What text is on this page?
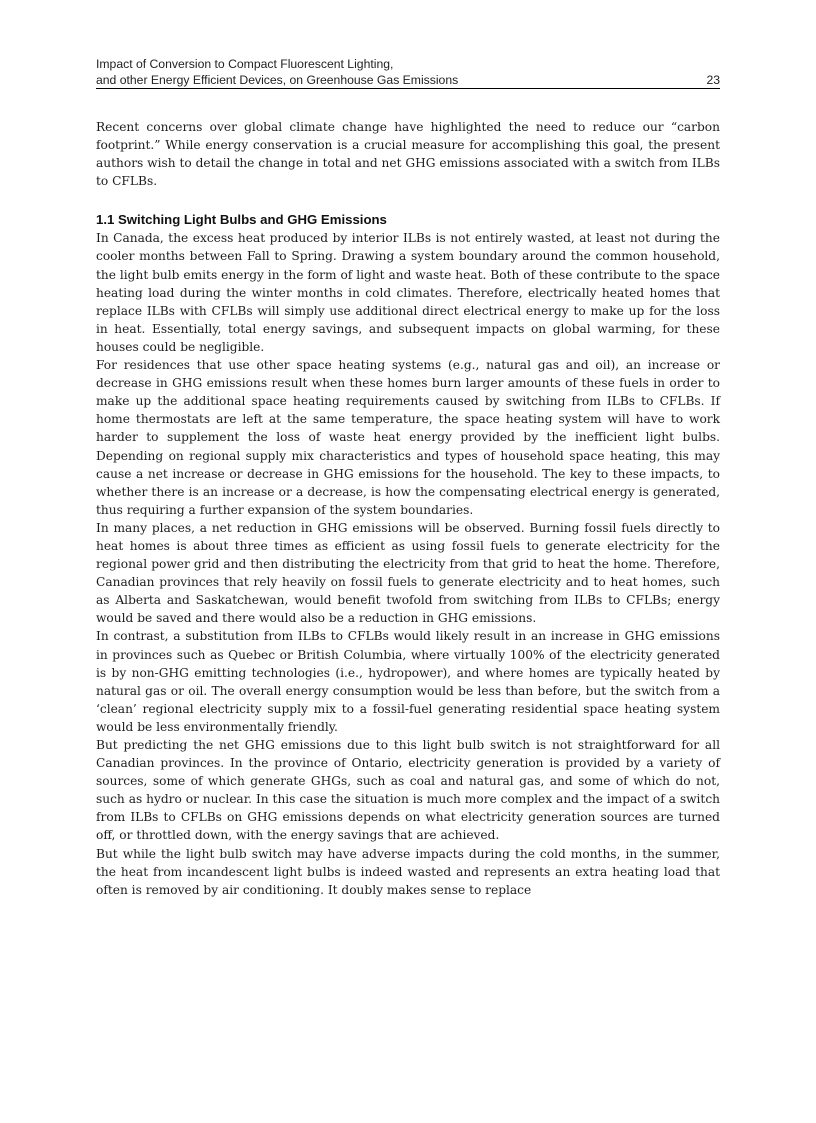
Impact of Conversion to Compact Fluorescent Lighting,
and other Energy Efficient Devices, on Greenhouse Gas Emissions	23

Recent concerns over global climate change have highlighted the need to reduce our “carbon footprint.” While energy conservation is a crucial measure for accomplishing this goal, the present authors wish to detail the change in total and net GHG emissions associated with a switch from ILBs to CFLBs.

1.1 Switching Light Bulbs and GHG Emissions

In Canada, the excess heat produced by interior ILBs is not entirely wasted, at least not during the cooler months between Fall to Spring. Drawing a system boundary around the common household, the light bulb emits energy in the form of light and waste heat. Both of these contribute to the space heating load during the winter months in cold climates. Therefore, electrically heated homes that replace ILBs with CFLBs will simply use additional direct electrical energy to make up for the loss in heat. Essentially, total energy savings, and subsequent impacts on global warming, for these houses could be negligible.

For residences that use other space heating systems (e.g., natural gas and oil), an increase or decrease in GHG emissions result when these homes burn larger amounts of these fuels in order to make up the additional space heating requirements caused by switching from ILBs to CFLBs. If home thermostats are left at the same temperature, the space heating system will have to work harder to supplement the loss of waste heat energy provided by the inefficient light bulbs. Depending on regional supply mix characteristics and types of household space heating, this may cause a net increase or decrease in GHG emissions for the household. The key to these impacts, to whether there is an increase or a decrease, is how the compensating electrical energy is generated, thus requiring a further expansion of the system boundaries.

In many places, a net reduction in GHG emissions will be observed. Burning fossil fuels directly to heat homes is about three times as efficient as using fossil fuels to generate electricity for the regional power grid and then distributing the electricity from that grid to heat the home. Therefore, Canadian provinces that rely heavily on fossil fuels to generate electricity and to heat homes, such as Alberta and Saskatchewan, would benefit twofold from switching from ILBs to CFLBs; energy would be saved and there would also be a reduction in GHG emissions.

In contrast, a substitution from ILBs to CFLBs would likely result in an increase in GHG emissions in provinces such as Quebec or British Columbia, where virtually 100% of the electricity generated is by non-GHG emitting technologies (i.e., hydropower), and where homes are typically heated by natural gas or oil. The overall energy consumption would be less than before, but the switch from a ‘clean’ regional electricity supply mix to a fossil-fuel generating residential space heating system would be less environmentally friendly.

But predicting the net GHG emissions due to this light bulb switch is not straightforward for all Canadian provinces. In the province of Ontario, electricity generation is provided by a variety of sources, some of which generate GHGs, such as coal and natural gas, and some of which do not, such as hydro or nuclear. In this case the situation is much more complex and the impact of a switch from ILBs to CFLBs on GHG emissions depends on what electricity generation sources are turned off, or throttled down, with the energy savings that are achieved.

But while the light bulb switch may have adverse impacts during the cold months, in the summer, the heat from incandescent light bulbs is indeed wasted and represents an extra heating load that often is removed by air conditioning. It doubly makes sense to replace
